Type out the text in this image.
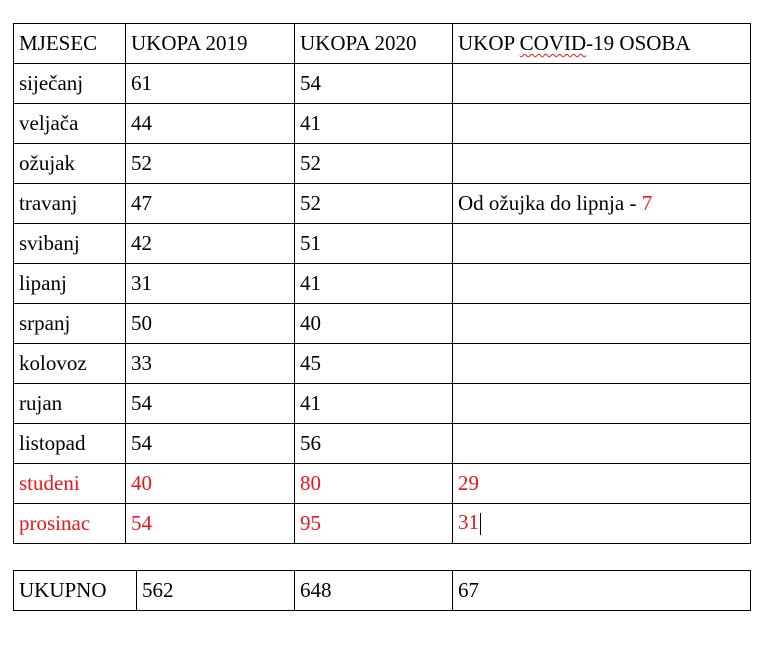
MJESEC	UKOPA 2019	UKOPA 2020	UKOP COVID-19 OSOBA
siječanj	61	54	
veljača	44	41	
ožujak	52	52	
travanj	47	52	Od ožujka do lipnja - 7
svibanj	42	51	
lipanj	31	41	
srpanj	50	40	
kolovoz	33	45	
rujan	54	41	
listopad	54	56	
studeni	40	80	29
prosinac	54	95	31
UKUPNO	562	648	67
